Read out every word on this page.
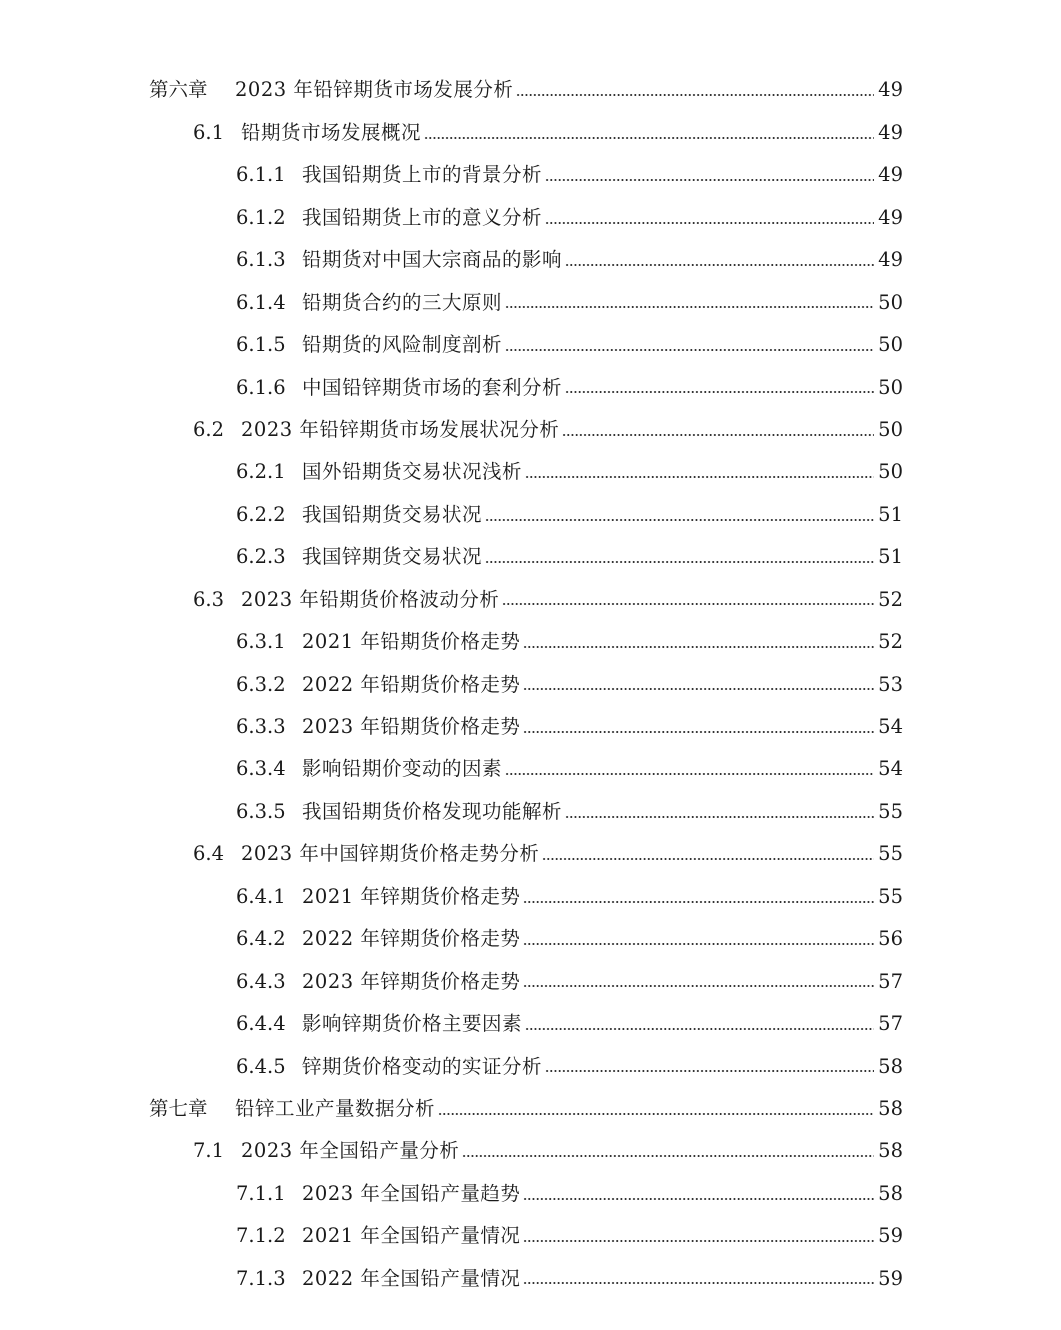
第六章	2023 年铅锌期货市场发展分析	49
6.1 铅期货市场发展概况	49
6.1.1 我国铅期货上市的背景分析	49
6.1.2 我国铅期货上市的意义分析	49
6.1.3 铅期货对中国大宗商品的影响	49
6.1.4 铅期货合约的三大原则	50
6.1.5 铅期货的风险制度剖析	50
6.1.6 中国铅锌期货市场的套利分析	50
6.2 2023 年铅锌期货市场发展状况分析	50
6.2.1 国外铅期货交易状况浅析	50
6.2.2 我国铅期货交易状况	51
6.2.3 我国锌期货交易状况	51
6.3 2023 年铅期货价格波动分析	52
6.3.1 2021 年铅期货价格走势	52
6.3.2 2022 年铅期货价格走势	53
6.3.3 2023 年铅期货价格走势	54
6.3.4 影响铅期价变动的因素	54
6.3.5 我国铅期货价格发现功能解析	55
6.4 2023 年中国锌期货价格走势分析	55
6.4.1 2021 年锌期货价格走势	55
6.4.2 2022 年锌期货价格走势	56
6.4.3 2023 年锌期货价格走势	57
6.4.4 影响锌期货价格主要因素	57
6.4.5 锌期货价格变动的实证分析	58
第七章	铅锌工业产量数据分析	58
7.1 2023 年全国铅产量分析	58
7.1.1 2023 年全国铅产量趋势	58
7.1.2 2021 年全国铅产量情况	59
7.1.3 2022 年全国铅产量情况	59
